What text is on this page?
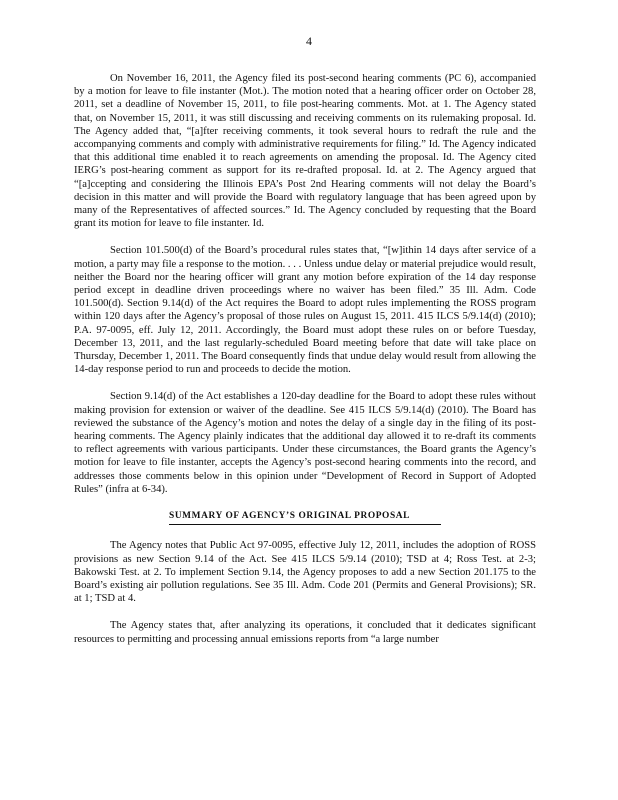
4

On November 16, 2011, the Agency filed its post-second hearing comments (PC 6), accompanied by a motion for leave to file instanter (Mot.). The motion noted that a hearing officer order on October 28, 2011, set a deadline of November 15, 2011, to file post-hearing comments. Mot. at 1. The Agency stated that, on November 15, 2011, it was still discussing and receiving comments on its rulemaking proposal. Id. The Agency added that, “[a]fter receiving comments, it took several hours to redraft the rule and the accompanying comments and comply with administrative requirements for filing.” Id. The Agency indicated that this additional time enabled it to reach agreements on amending the proposal. Id. The Agency cited IERG’s post-hearing comment as support for its re-drafted proposal. Id. at 2. The Agency argued that “[a]ccepting and considering the Illinois EPA’s Post 2nd Hearing comments will not delay the Board’s decision in this matter and will provide the Board with regulatory language that has been agreed upon by many of the Representatives of affected sources.” Id. The Agency concluded by requesting that the Board grant its motion for leave to file instanter. Id.

Section 101.500(d) of the Board’s procedural rules states that, “[w]ithin 14 days after service of a motion, a party may file a response to the motion. . . . Unless undue delay or material prejudice would result, neither the Board nor the hearing officer will grant any motion before expiration of the 14 day response period except in deadline driven proceedings where no waiver has been filed.” 35 Ill. Adm. Code 101.500(d). Section 9.14(d) of the Act requires the Board to adopt rules implementing the ROSS program within 120 days after the Agency’s proposal of those rules on August 15, 2011. 415 ILCS 5/9.14(d) (2010); P.A. 97-0095, eff. July 12, 2011. Accordingly, the Board must adopt these rules on or before Tuesday, December 13, 2011, and the last regularly-scheduled Board meeting before that date will take place on Thursday, December 1, 2011. The Board consequently finds that undue delay would result from allowing the 14-day response period to run and proceeds to decide the motion.

Section 9.14(d) of the Act establishes a 120-day deadline for the Board to adopt these rules without making provision for extension or waiver of the deadline. See 415 ILCS 5/9.14(d) (2010). The Board has reviewed the substance of the Agency’s motion and notes the delay of a single day in the filing of its post-hearing comments. The Agency plainly indicates that the additional day allowed it to re-draft its comments to reflect agreements with various participants. Under these circumstances, the Board grants the Agency’s motion for leave to file instanter, accepts the Agency’s post-second hearing comments into the record, and addresses those comments below in this opinion under “Development of Record in Support of Adopted Rules” (infra at 6-34).

SUMMARY OF AGENCY’S ORIGINAL PROPOSAL

The Agency notes that Public Act 97-0095, effective July 12, 2011, includes the adoption of ROSS provisions as new Section 9.14 of the Act. See 415 ILCS 5/9.14 (2010); TSD at 4; Ross Test. at 2-3; Bakowski Test. at 2. To implement Section 9.14, the Agency proposes to add a new Section 201.175 to the Board’s existing air pollution regulations. See 35 Ill. Adm. Code 201 (Permits and General Provisions); SR. at 1; TSD at 4.

The Agency states that, after analyzing its operations, it concluded that it dedicates significant resources to permitting and processing annual emissions reports from “a large number
